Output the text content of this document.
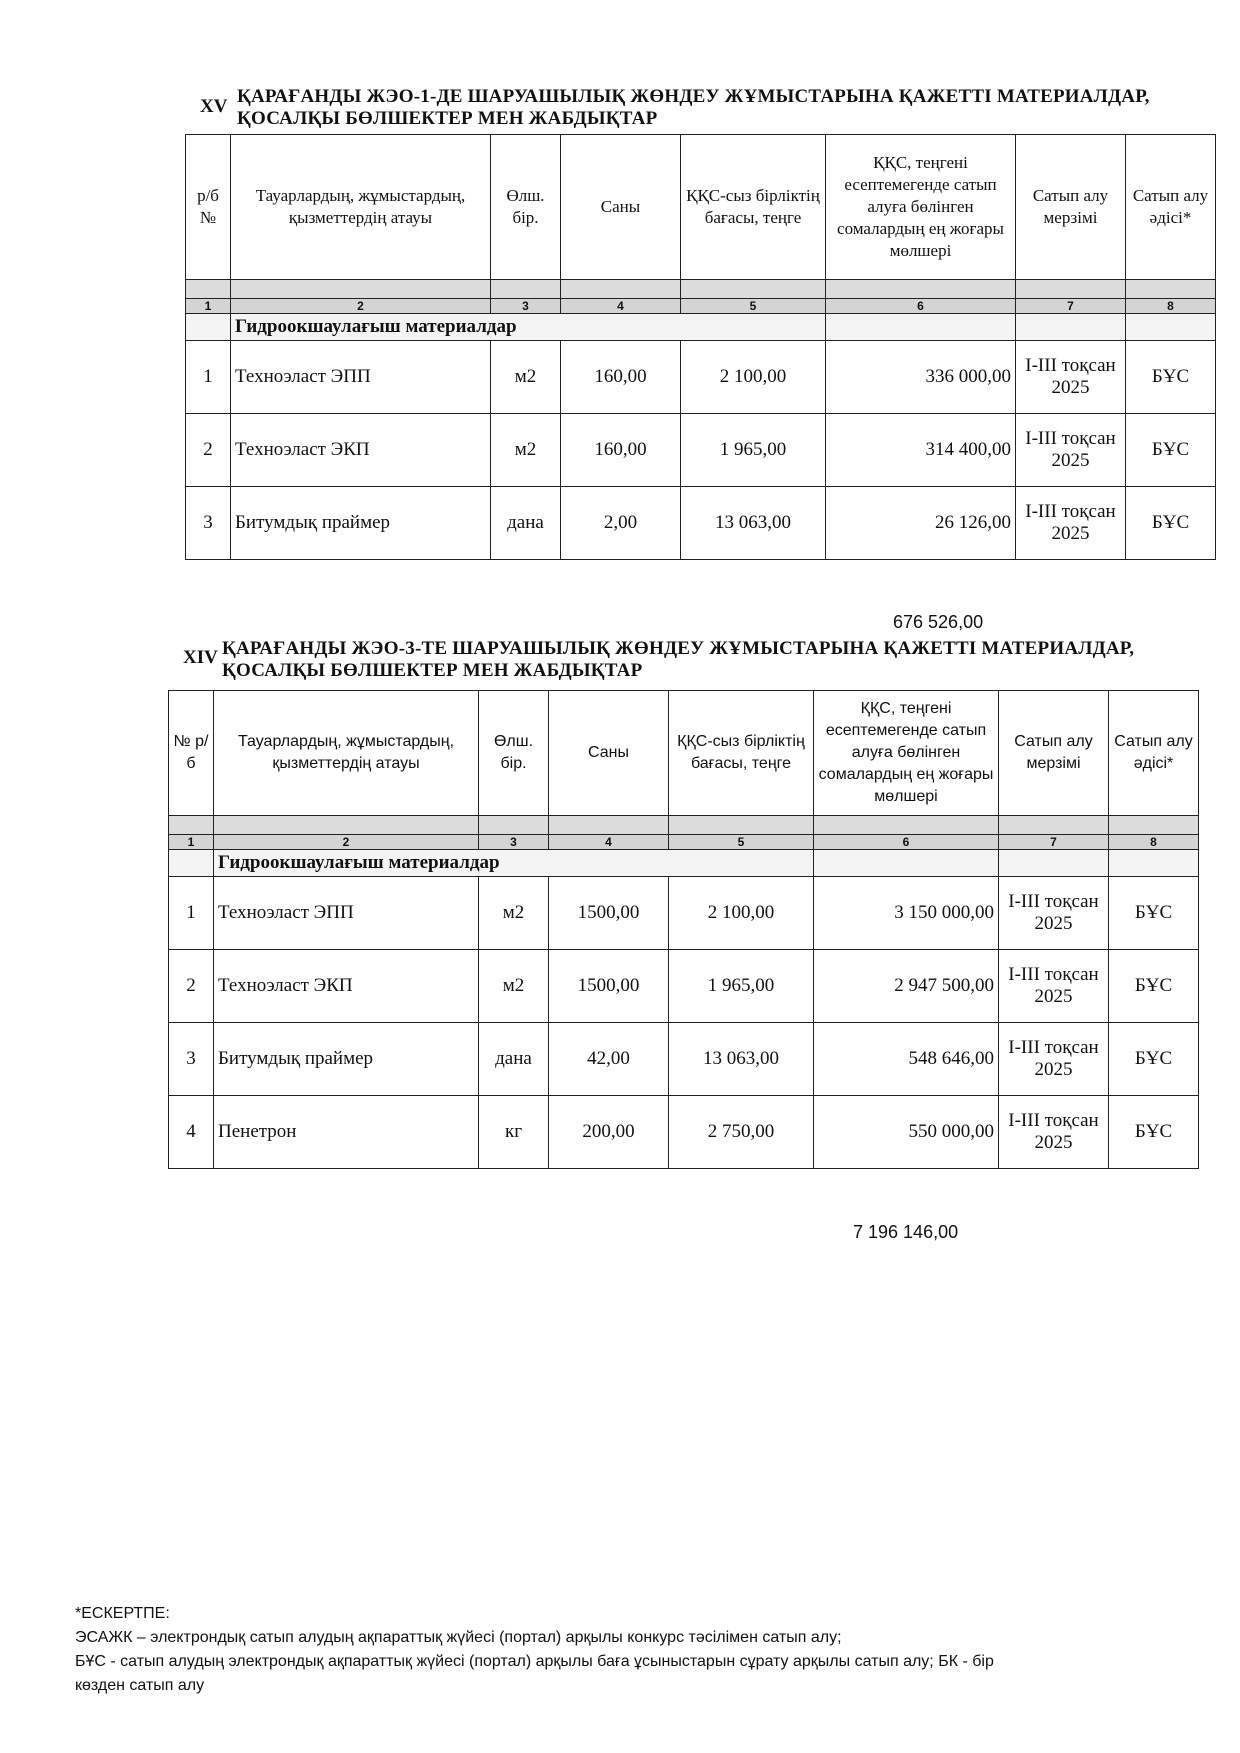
XV ҚАРАҒАНДЫ ЖЭО-1-ДЕ ШАРУАШЫЛЫҚ ЖӨНДЕУ ЖҰМЫСТАРЫНА ҚАЖЕТТІ МАТЕРИАЛДАР,
ҚОСАЛҚЫ БӨЛШЕКТЕР МЕН ЖАБДЫҚТАР
р/б №	Тауарлардың, жұмыстардың, қызметтердің атауы	Өлш. бір.	Саны	ҚҚС-сыз бірліктің бағасы, теңге	ҚҚС, теңгені есептемегенде сатып алуға бөлінген сомалардың ең жоғары мөлшері	Сатып алу мерзімі	Сатып алу әдісі*

1	2	3	4	5	6	7	8
	Гидроокшаулағыш материалдар						
1	Техноэласт ЭПП	м2	160,00	2 100,00	336 000,00	I-III тоқсан 2025	БҰС
2	Техноэласт ЭКП	м2	160,00	1 965,00	314 400,00	I-III тоқсан 2025	БҰС
3	Битумдық праймер	дана	2,00	13 063,00	26 126,00	I-III тоқсан 2025	БҰС
676 526,00
XIV ҚАРАҒАНДЫ ЖЭО-3-ТЕ ШАРУАШЫЛЫҚ ЖӨНДЕУ ЖҰМЫСТАРЫНА ҚАЖЕТТІ МАТЕРИАЛДАР,
ҚОСАЛҚЫ БӨЛШЕКТЕР МЕН ЖАБДЫҚТАР
№ р/б	Тауарлардың, жұмыстардың, қызметтердің атауы	Өлш. бір.	Саны	ҚҚС-сыз бірліктің бағасы, теңге	ҚҚС, теңгені есептемегенде сатып алуға бөлінген сомалардың ең жоғары мөлшері	Сатып алу мерзімі	Сатып алу әдісі*

1	2	3	4	5	6	7	8
	Гидроокшаулағыш материалдар						
1	Техноэласт ЭПП	м2	1500,00	2 100,00	3 150 000,00	I-III тоқсан 2025	БҰС
2	Техноэласт ЭКП	м2	1500,00	1 965,00	2 947 500,00	I-III тоқсан 2025	БҰС
3	Битумдық праймер	дана	42,00	13 063,00	548 646,00	I-III тоқсан 2025	БҰС
4	Пенетрон	кг	200,00	2 750,00	550 000,00	I-III тоқсан 2025	БҰС
7 196 146,00
*ЕСКЕРТПЕ:
ЭСАЖК – электрондық сатып алудың ақпараттық жүйесі (портал) арқылы конкурс тәсілімен сатып алу;
БҰС - сатып алудың электрондық ақпараттық жүйесі (портал) арқылы баға ұсыныстарын сұрату арқылы сатып алу; БК - бір
көзден сатып алу
